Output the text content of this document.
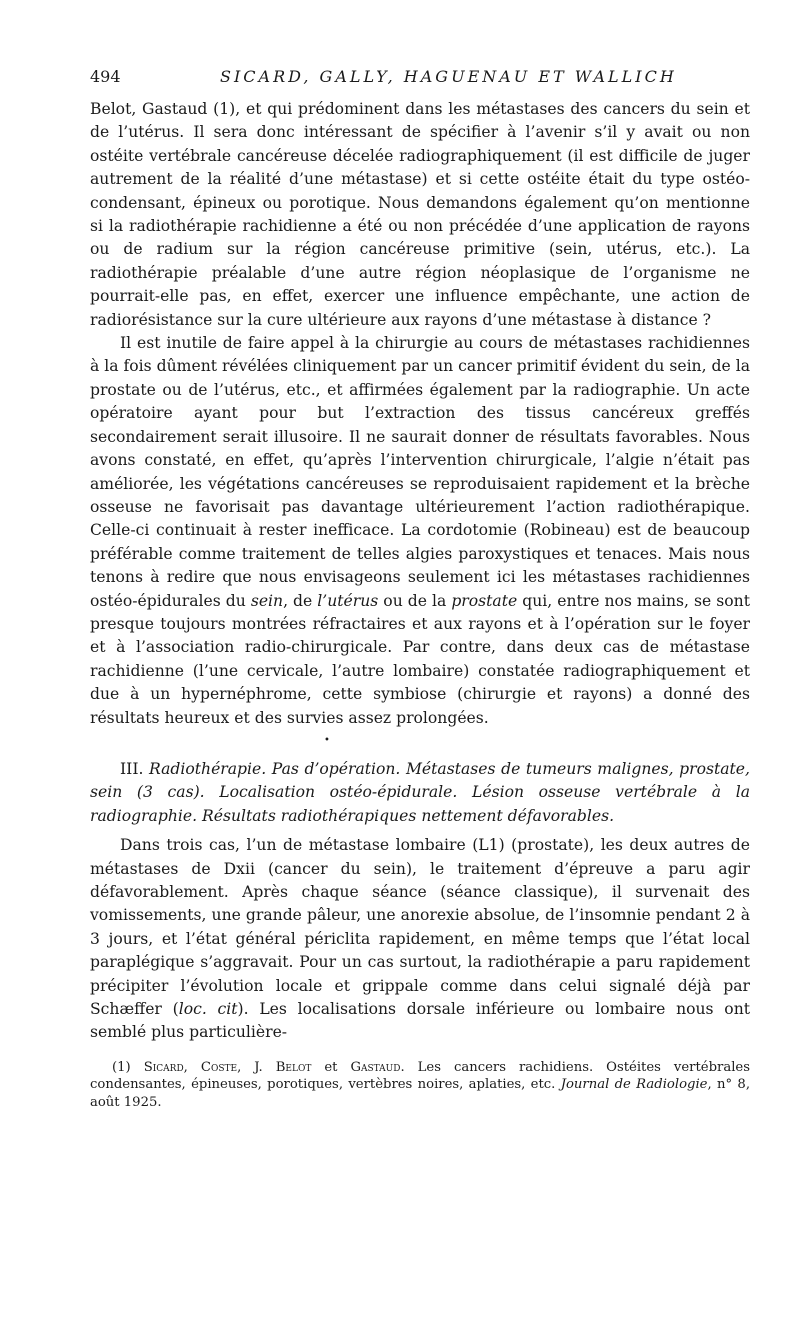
494	SICARD, GALLY, HAGUENAU ET WALLICH

Belot, Gastaud (1), et qui prédominent dans les métastases des cancers du sein et de l’utérus. Il sera donc intéressant de spécifier à l’avenir s’il y avait ou non ostéite vertébrale cancéreuse décelée radiographiquement (il est difficile de juger autrement de la réalité d’une métastase) et si cette ostéite était du type ostéo-condensant, épineux ou porotique. Nous demandons également qu’on mentionne si la radiothérapie rachidienne a été ou non précédée d’une application de rayons ou de radium sur la région cancéreuse primitive (sein, utérus, etc.). La radiothérapie préalable d’une autre région néoplasique de l’organisme ne pourrait-elle pas, en effet, exercer une influence empêchante, une action de radiorésistance sur la cure ultérieure aux rayons d’une métastase à distance ?

Il est inutile de faire appel à la chirurgie au cours de métastases rachidiennes à la fois dûment révélées cliniquement par un cancer primitif évident du sein, de la prostate ou de l’utérus, etc., et affirmées également par la radiographie. Un acte opératoire ayant pour but l’extraction des tissus cancéreux greffés secondairement serait illusoire. Il ne saurait donner de résultats favorables. Nous avons constaté, en effet, qu’après l’intervention chirurgicale, l’algie n’était pas améliorée, les végétations cancéreuses se reproduisaient rapidement et la brèche osseuse ne favorisait pas davantage ultérieurement l’action radiothérapique. Celle-ci continuait à rester inefficace. La cordotomie (Robineau) est de beaucoup préférable comme traitement de telles algies paroxystiques et tenaces. Mais nous tenons à redire que nous envisageons seulement ici les métastases rachidiennes ostéo-épidurales du sein, de l’utérus ou de la prostate qui, entre nos mains, se sont presque toujours montrées réfractaires et aux rayons et à l’opération sur le foyer et à l’association radio-chirurgicale. Par contre, dans deux cas de métastase rachidienne (l’une cervicale, l’autre lombaire) constatée radiographiquement et due à un hypernéphrome, cette symbiose (chirurgie et rayons) a donné des résultats heureux et des survies assez prolongées.

•

III. Radiothérapie. Pas d’opération. Métastases de tumeurs malignes, prostate, sein (3 cas). Localisation ostéo-épidurale. Lésion osseuse vertébrale à la radiographie. Résultats radiothérapiques nettement défavorables.

Dans trois cas, l’un de métastase lombaire (L1) (prostate), les deux autres de métastases de Dxii (cancer du sein), le traitement d’épreuve a paru agir défavorablement. Après chaque séance (séance classique), il survenait des vomissements, une grande pâleur, une anorexie absolue, de l’insomnie pendant 2 à 3 jours, et l’état général périclita rapidement, en même temps que l’état local paraplégique s’aggravait. Pour un cas surtout, la radiothérapie a paru rapidement précipiter l’évolution locale et grippale comme dans celui signalé déjà par Schæffer (loc. cit). Les localisations dorsale inférieure ou lombaire nous ont semblé plus particulière-

(1) Sicard, Coste, J. Belot et Gastaud. Les cancers rachidiens. Ostéites vertébrales condensantes, épineuses, porotiques, vertèbres noires, aplaties, etc. Journal de Radiologie, n° 8, août 1925.
